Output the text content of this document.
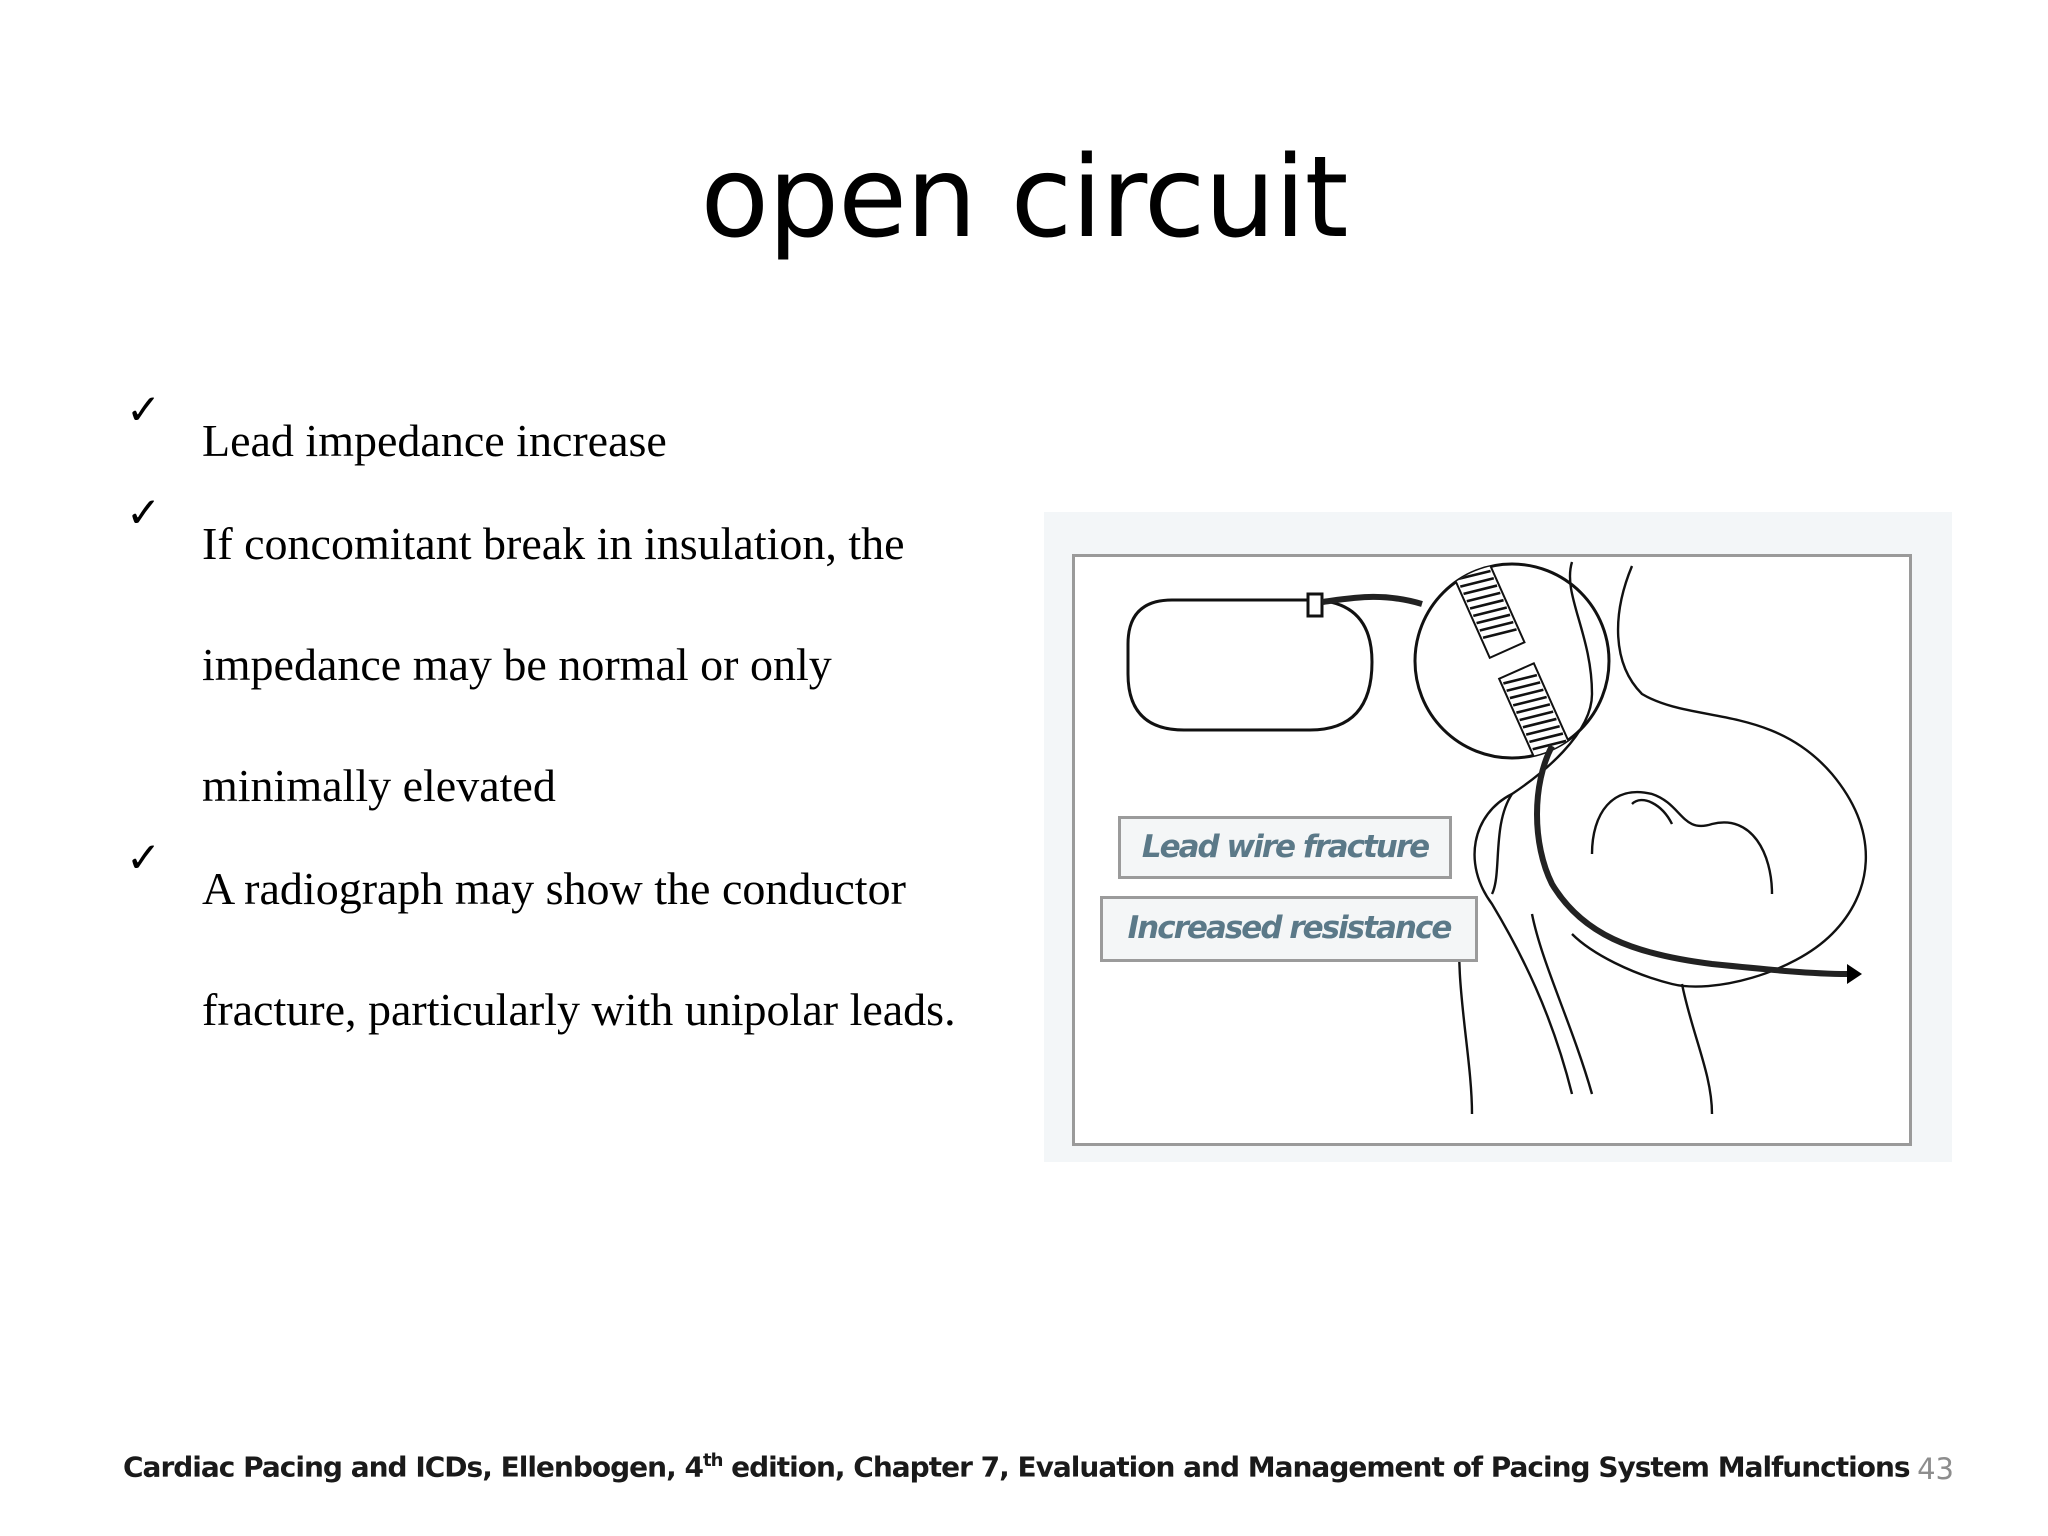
open circuit
✓
Lead impedance increase
✓
If concomitant break in insulation, the impedance may be normal or only minimally elevated
✓
A radiograph may show the conductor fracture, particularly with unipolar leads.
Lead wire fracture
Increased resistance
Cardiac Pacing and ICDs, Ellenbogen, 4th edition, Chapter 7, Evaluation and Management of Pacing System Malfunctions 43
